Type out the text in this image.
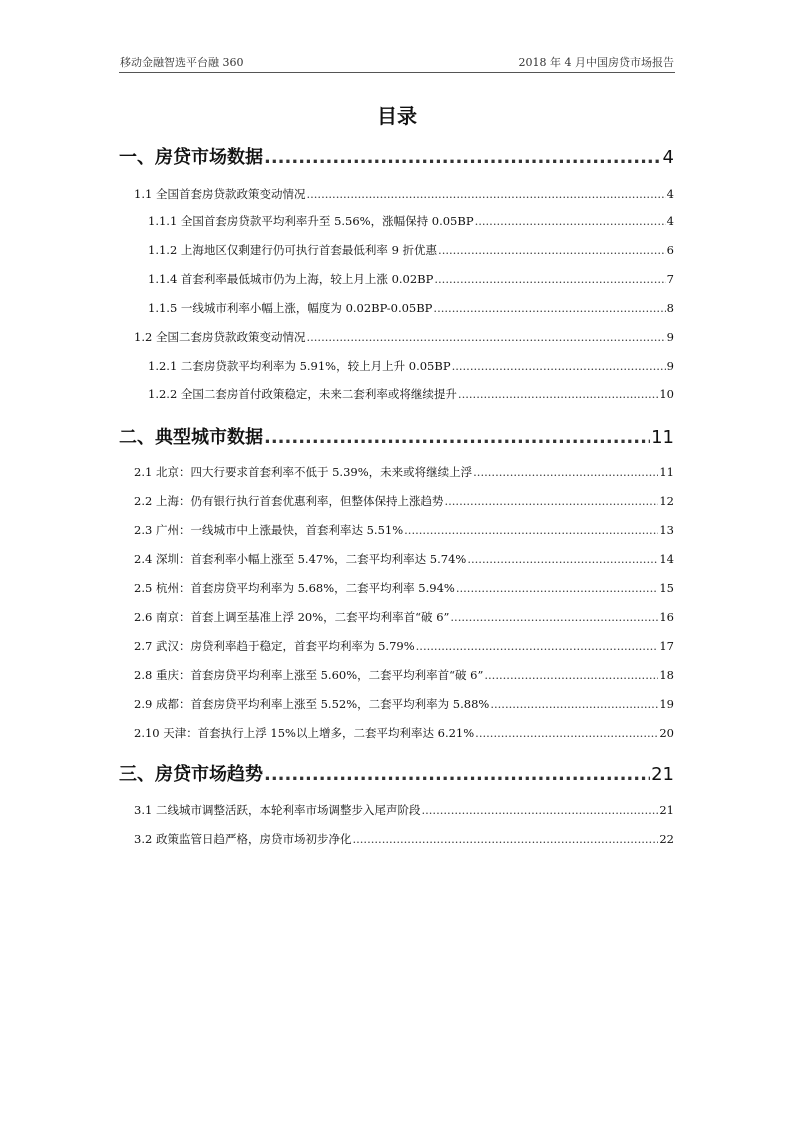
移动金融智选平台融 360	2018 年 4 月中国房贷市场报告
目录
一、房贷市场数据 .....	4
1.1 全国首套房贷款政策变动情况 .....	4
1.1.1 全国首套房贷款平均利率升至 5.56%，涨幅保持 0.05BP .....	4
1.1.2 上海地区仅剩建行仍可执行首套最低利率 9 折优惠 .....	6
1.1.4 首套利率最低城市仍为上海，较上月上涨 0.02BP .....	7
1.1.5 一线城市利率小幅上涨，幅度为 0.02BP-0.05BP .....	8
1.2 全国二套房贷款政策变动情况 .....	9
1.2.1 二套房贷款平均利率为 5.91%，较上月上升 0.05BP .....	9
1.2.2 全国二套房首付政策稳定，未来二套利率或将继续提升 .....	10
二、典型城市数据 .....	11
2.1 北京：四大行要求首套利率不低于 5.39%，未来或将继续上浮 .....	11
2.2 上海：仍有银行执行首套优惠利率，但整体保持上涨趋势 .....	12
2.3 广州：一线城市中上涨最快，首套利率达 5.51% .....	13
2.4 深圳：首套利率小幅上涨至 5.47%，二套平均利率达 5.74% .....	14
2.5 杭州：首套房贷平均利率为 5.68%，二套平均利率 5.94% .....	15
2.6 南京：首套上调至基准上浮 20%，二套平均利率首“破 6” .....	16
2.7 武汉：房贷利率趋于稳定，首套平均利率为 5.79% .....	17
2.8 重庆：首套房贷平均利率上涨至 5.60%，二套平均利率首“破 6” .....	18
2.9 成都：首套房贷平均利率上涨至 5.52%，二套平均利率为 5.88% .....	19
2.10 天津：首套执行上浮 15%以上增多，二套平均利率达 6.21% .....	20
三、房贷市场趋势 .....	21
3.1 二线城市调整活跃，本轮利率市场调整步入尾声阶段 .....	21
3.2 政策监管日趋严格，房贷市场初步净化 .....	22
